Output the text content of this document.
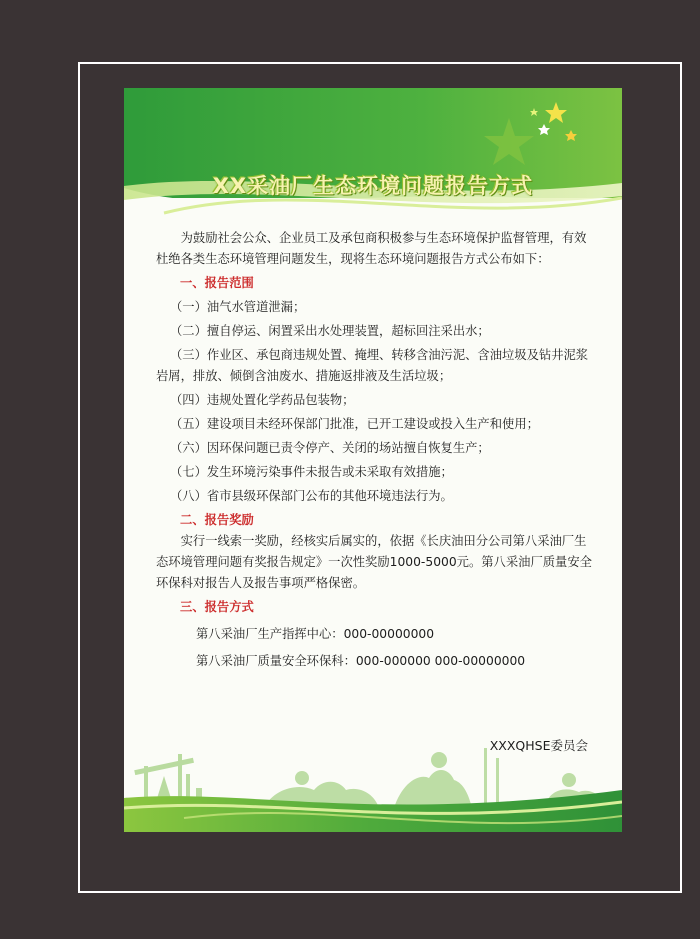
XX采油厂生态环境问题报告方式

为鼓励社会公众、企业员工及承包商积极参与生态环境保护监督管理，有效杜绝各类生态环境管理问题发生，现将生态环境问题报告方式公布如下：

一、报告范围

（一）油气水管道泄漏；

（二）擅自停运、闲置采出水处理装置，超标回注采出水；

（三）作业区、承包商违规处置、掩埋、转移含油污泥、含油垃圾及钻井泥浆岩屑，排放、倾倒含油废水、措施返排液及生活垃圾；

（四）违规处置化学药品包装物；

（五）建设项目未经环保部门批准，已开工建设或投入生产和使用；

（六）因环保问题已责令停产、关闭的场站擅自恢复生产；

（七）发生环境污染事件未报告或未采取有效措施；

（八）省市县级环保部门公布的其他环境违法行为。

二、报告奖励

实行一线索一奖励，经核实后属实的，依据《长庆油田分公司第八采油厂生态环境管理问题有奖报告规定》一次性奖励1000-5000元。第八采油厂质量安全环保科对报告人及报告事项严格保密。

三、报告方式

第八采油厂生产指挥中心：000-00000000

第八采油厂质量安全环保科：000-000000 000-00000000

XXXQHSE委员会
